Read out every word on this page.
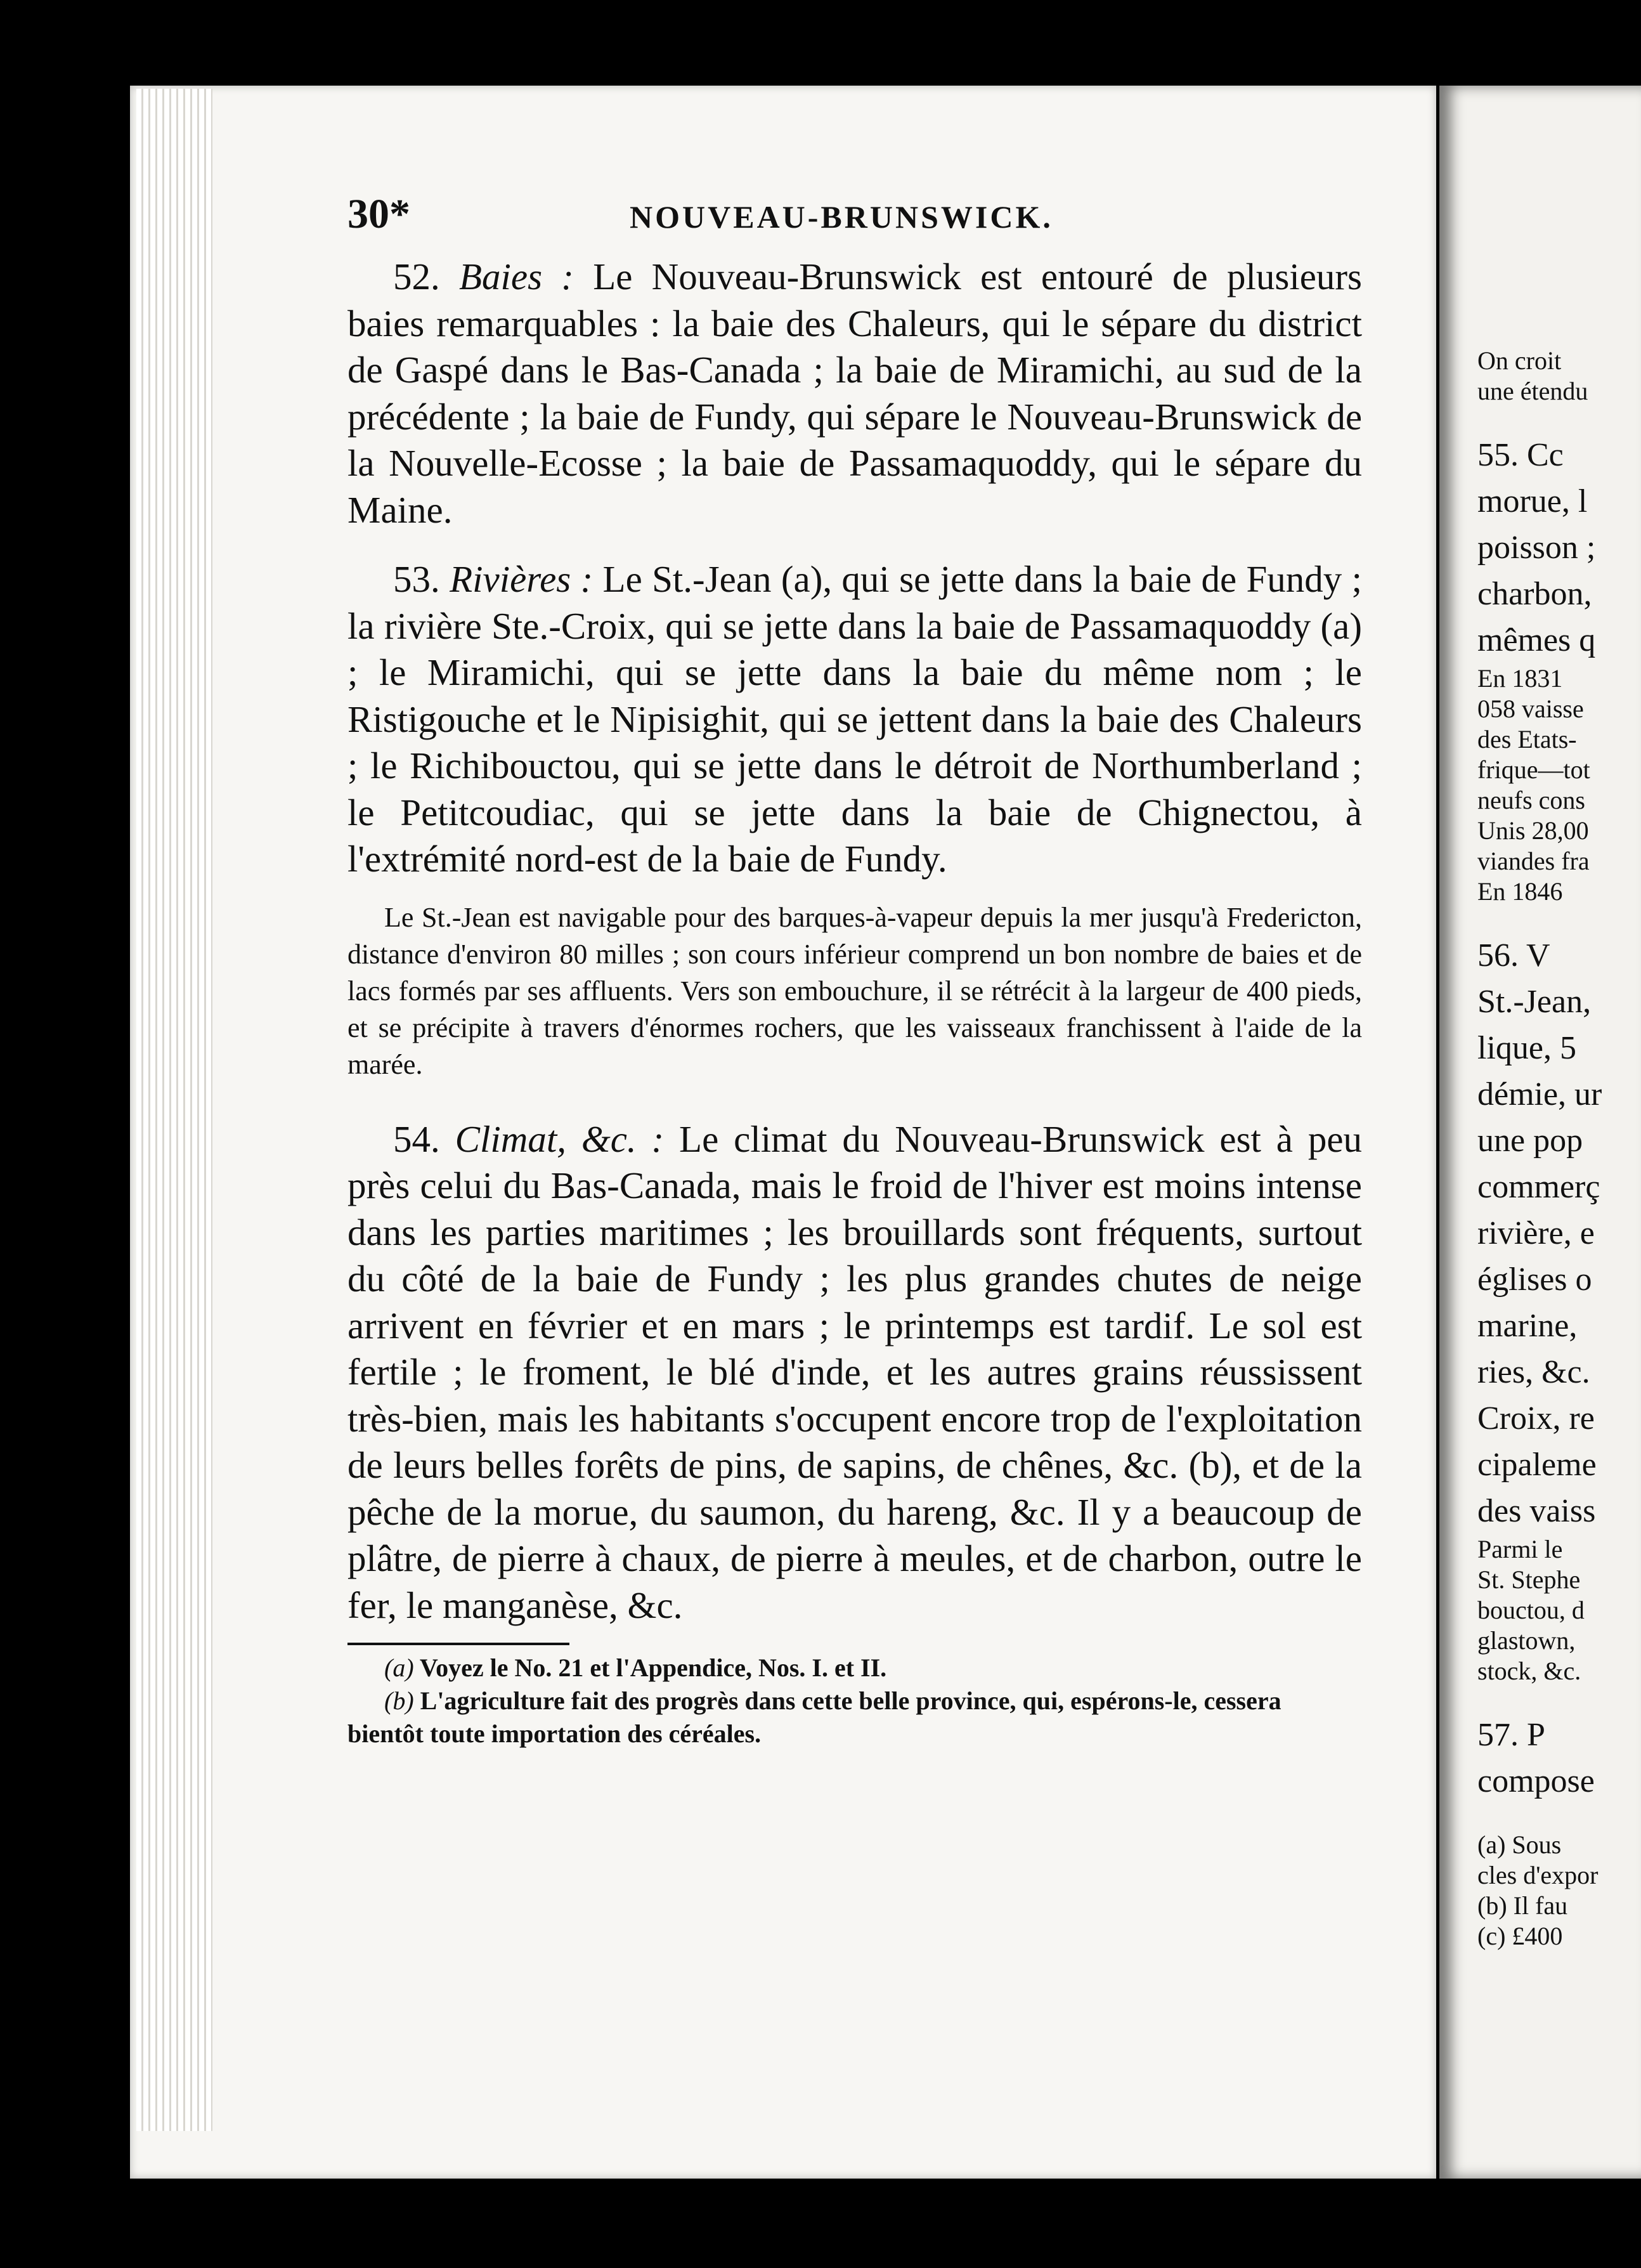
30*	NOUVEAU-BRUNSWICK.

52. Baies : Le Nouveau-Brunswick est entouré de plusieurs baies remarquables : la baie des Chaleurs, qui le sépare du district de Gaspé dans le Bas-Canada ; la baie de Miramichi, au sud de la précédente ; la baie de Fundy, qui sépare le Nouveau-Brunswick de la Nouvelle-Ecosse ; la baie de Passamaquoddy, qui le sépare du Maine.

53. Rivières : Le St.-Jean (a), qui se jette dans la baie de Fundy ; la rivière Ste.-Croix, qui se jette dans la baie de Passamaquoddy (a) ; le Miramichi, qui se jette dans la baie du même nom ; le Ristigouche et le Nipisighit, qui se jettent dans la baie des Chaleurs ; le Richibouctou, qui se jette dans le détroit de Northumberland ; le Petitcoudiac, qui se jette dans la baie de Chignectou, à l'extrémité nord-est de la baie de Fundy.

Le St.-Jean est navigable pour des barques-à-vapeur depuis la mer jusqu'à Fredericton, distance d'environ 80 milles ; son cours inférieur comprend un bon nombre de baies et de lacs formés par ses affluents. Vers son embouchure, il se rétrécit à la largeur de 400 pieds, et se précipite à travers d'énormes rochers, que les vaisseaux franchissent à l'aide de la marée.

54. Climat, &c. : Le climat du Nouveau-Brunswick est à peu près celui du Bas-Canada, mais le froid de l'hiver est moins intense dans les parties maritimes ; les brouillards sont fréquents, surtout du côté de la baie de Fundy ; les plus grandes chutes de neige arrivent en février et en mars ; le printemps est tardif. Le sol est fertile ; le froment, le blé d'inde, et les autres grains réussissent très-bien, mais les habitants s'occupent encore trop de l'exploitation de leurs belles forêts de pins, de sapins, de chênes, &c. (b), et de la pêche de la morue, du saumon, du hareng, &c. Il y a beaucoup de plâtre, de pierre à chaux, de pierre à meules, et de charbon, outre le fer, le manganèse, &c.

(a) Voyez le No. 21 et l'Appendice, Nos. I. et II.

(b) L'agriculture fait des progrès dans cette belle province, qui, espérons-le, cessera bientôt toute importation des céréales.

On croit
une étendu
55. Cc
morue, l
poisson ;
charbon,
mêmes q
En 1831
058 vaisse
des Etats-
frique—tot
neufs cons
Unis 28,00
viandes fra
En 1846
56. V
St.-Jean,
lique, 5
démie, ur
une pop
commerç
rivière, e
églises o
marine,
ries, &c.
Croix, re
cipaleme
des vaiss
Parmi le
St. Stephe
bouctou, d
glastown,
stock, &c.
57. P
compose
(a) Sous
cles d'expor
(b) Il fau
(c) £400
